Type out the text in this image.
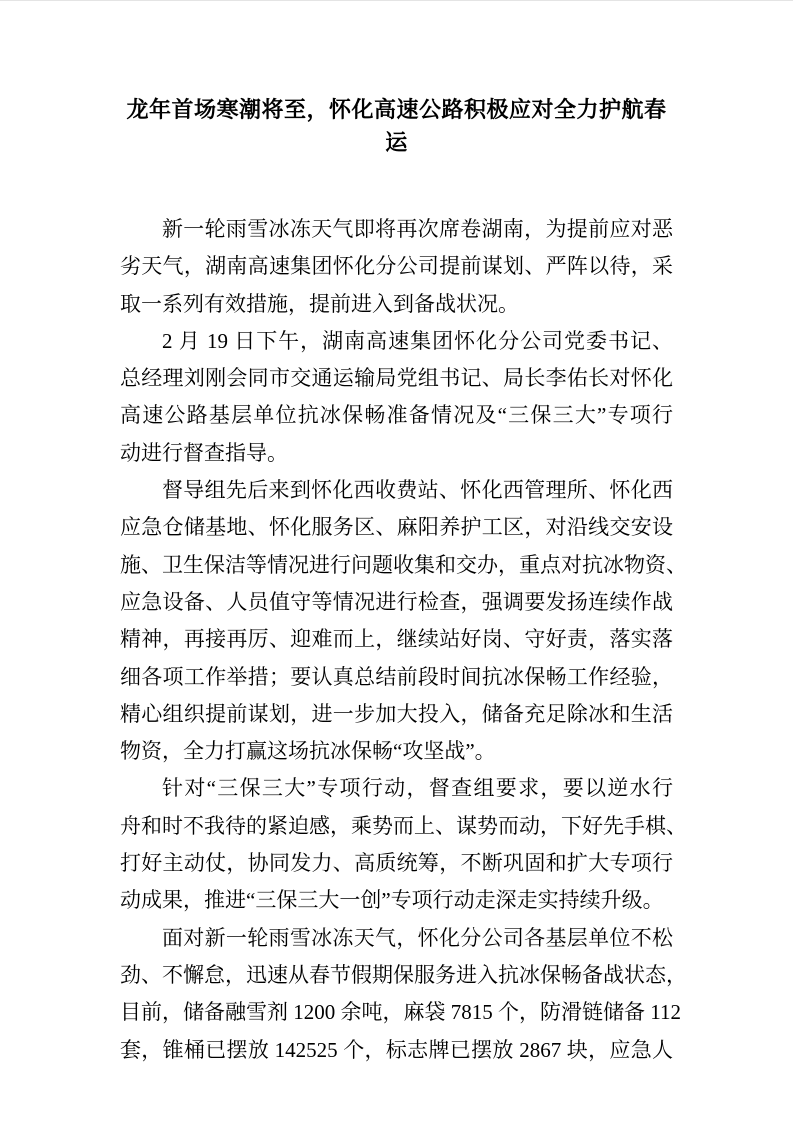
龙年首场寒潮将至，怀化高速公路积极应对全力护航春运
新一轮雨雪冰冻天气即将再次席卷湖南，为提前应对恶
劣天气，湖南高速集团怀化分公司提前谋划、严阵以待，采
取一系列有效措施，提前进入到备战状况。
2 月 19 日下午，湖南高速集团怀化分公司党委书记、
总经理刘刚会同市交通运输局党组书记、局长李佑长对怀化
高速公路基层单位抗冰保畅准备情况及“三保三大”专项行
动进行督查指导。
督导组先后来到怀化西收费站、怀化西管理所、怀化西
应急仓储基地、怀化服务区、麻阳养护工区，对沿线交安设
施、卫生保洁等情况进行问题收集和交办，重点对抗冰物资、
应急设备、人员值守等情况进行检查，强调要发扬连续作战
精神，再接再厉、迎难而上，继续站好岗、守好责，落实落
细各项工作举措；要认真总结前段时间抗冰保畅工作经验，
精心组织提前谋划，进一步加大投入，储备充足除冰和生活
物资，全力打赢这场抗冰保畅“攻坚战”。
针对“三保三大”专项行动，督查组要求，要以逆水行
舟和时不我待的紧迫感，乘势而上、谋势而动，下好先手棋、
打好主动仗，协同发力、高质统筹，不断巩固和扩大专项行
动成果，推进“三保三大一创”专项行动走深走实持续升级。
面对新一轮雨雪冰冻天气，怀化分公司各基层单位不松
劲、不懈怠，迅速从春节假期保服务进入抗冰保畅备战状态，
目前，储备融雪剂 1200 余吨，麻袋 7815 个，防滑链储备 112
套，锥桶已摆放 142525 个，标志牌已摆放 2867 块，应急人
